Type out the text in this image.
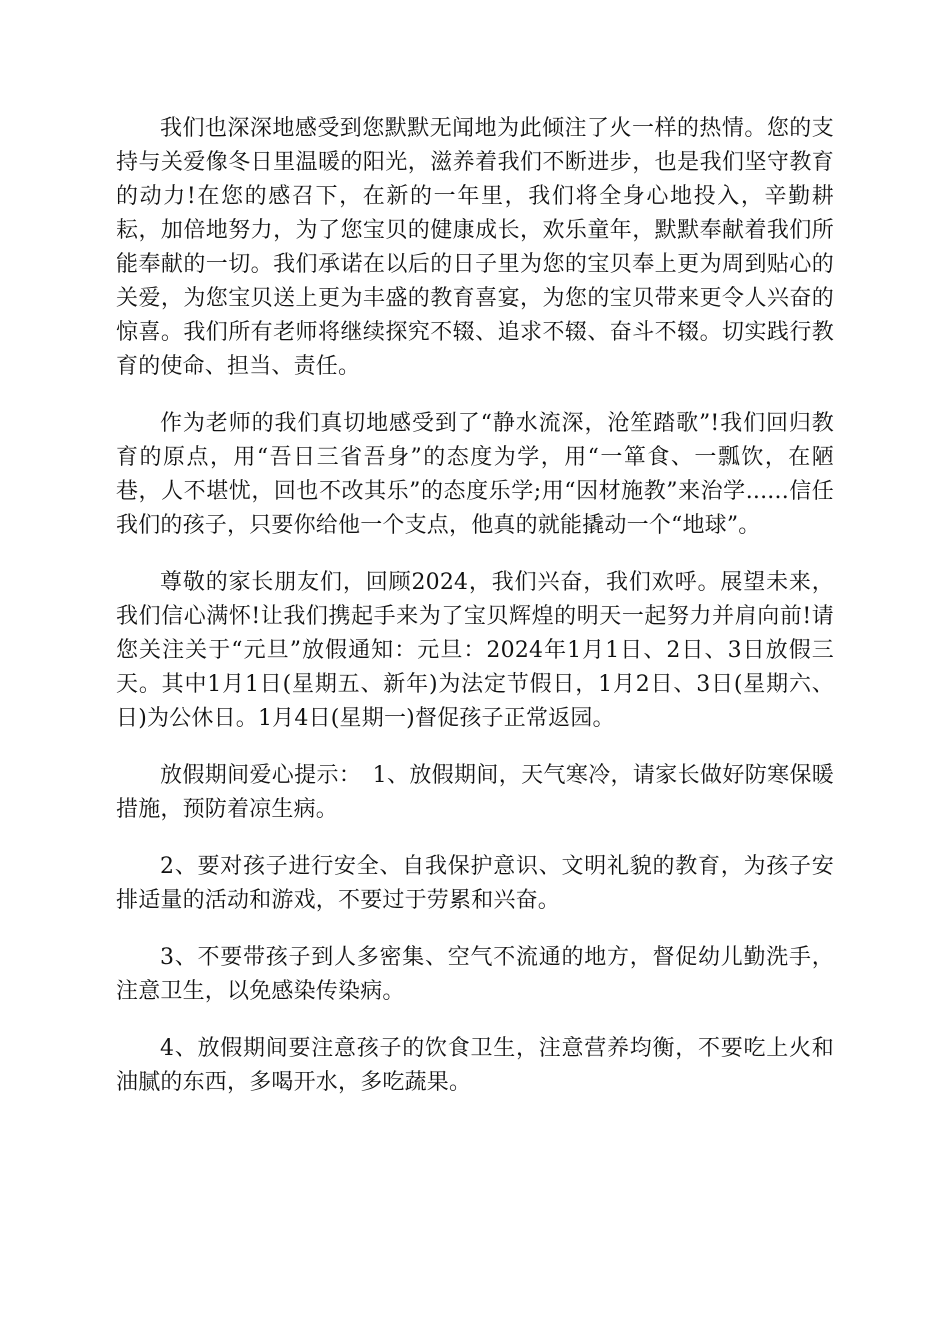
我们也深深地感受到您默默无闻地为此倾注了火一样的热情。您的支持与关爱像冬日里温暖的阳光，滋养着我们不断进步，也是我们坚守教育的动力!在您的感召下，在新的一年里，我们将全身心地投入，辛勤耕耘，加倍地努力，为了您宝贝的健康成长，欢乐童年，默默奉献着我们所能奉献的一切。我们承诺在以后的日子里为您的宝贝奉上更为周到贴心的关爱，为您宝贝送上更为丰盛的教育喜宴，为您的宝贝带来更令人兴奋的惊喜。我们所有老师将继续探究不辍、追求不辍、奋斗不辍。切实践行教育的使命、担当、责任。

作为老师的我们真切地感受到了“静水流深，沧笙踏歌”!我们回归教育的原点，用“吾日三省吾身”的态度为学，用“一箪食、一瓢饮，在陋巷，人不堪忧，回也不改其乐”的态度乐学;用“因材施教”来治学......信任我们的孩子，只要你给他一个支点，他真的就能撬动一个“地球”。

尊敬的家长朋友们，回顾2024，我们兴奋，我们欢呼。展望未来，我们信心满怀!让我们携起手来为了宝贝辉煌的明天一起努力并肩向前!请您关注关于“元旦”放假通知：元旦：2024年1月1日、2日、3日放假三天。其中1月1日(星期五、新年)为法定节假日，1月2日、3日(星期六、日)为公休日。1月4日(星期一)督促孩子正常返园。

放假期间爱心提示：　1、放假期间，天气寒冷，请家长做好防寒保暖措施，预防着凉生病。

2、要对孩子进行安全、自我保护意识、文明礼貌的教育，为孩子安排适量的活动和游戏，不要过于劳累和兴奋。

3、不要带孩子到人多密集、空气不流通的地方，督促幼儿勤洗手，注意卫生，以免感染传染病。

4、放假期间要注意孩子的饮食卫生，注意营养均衡，不要吃上火和油腻的东西，多喝开水，多吃蔬果。
